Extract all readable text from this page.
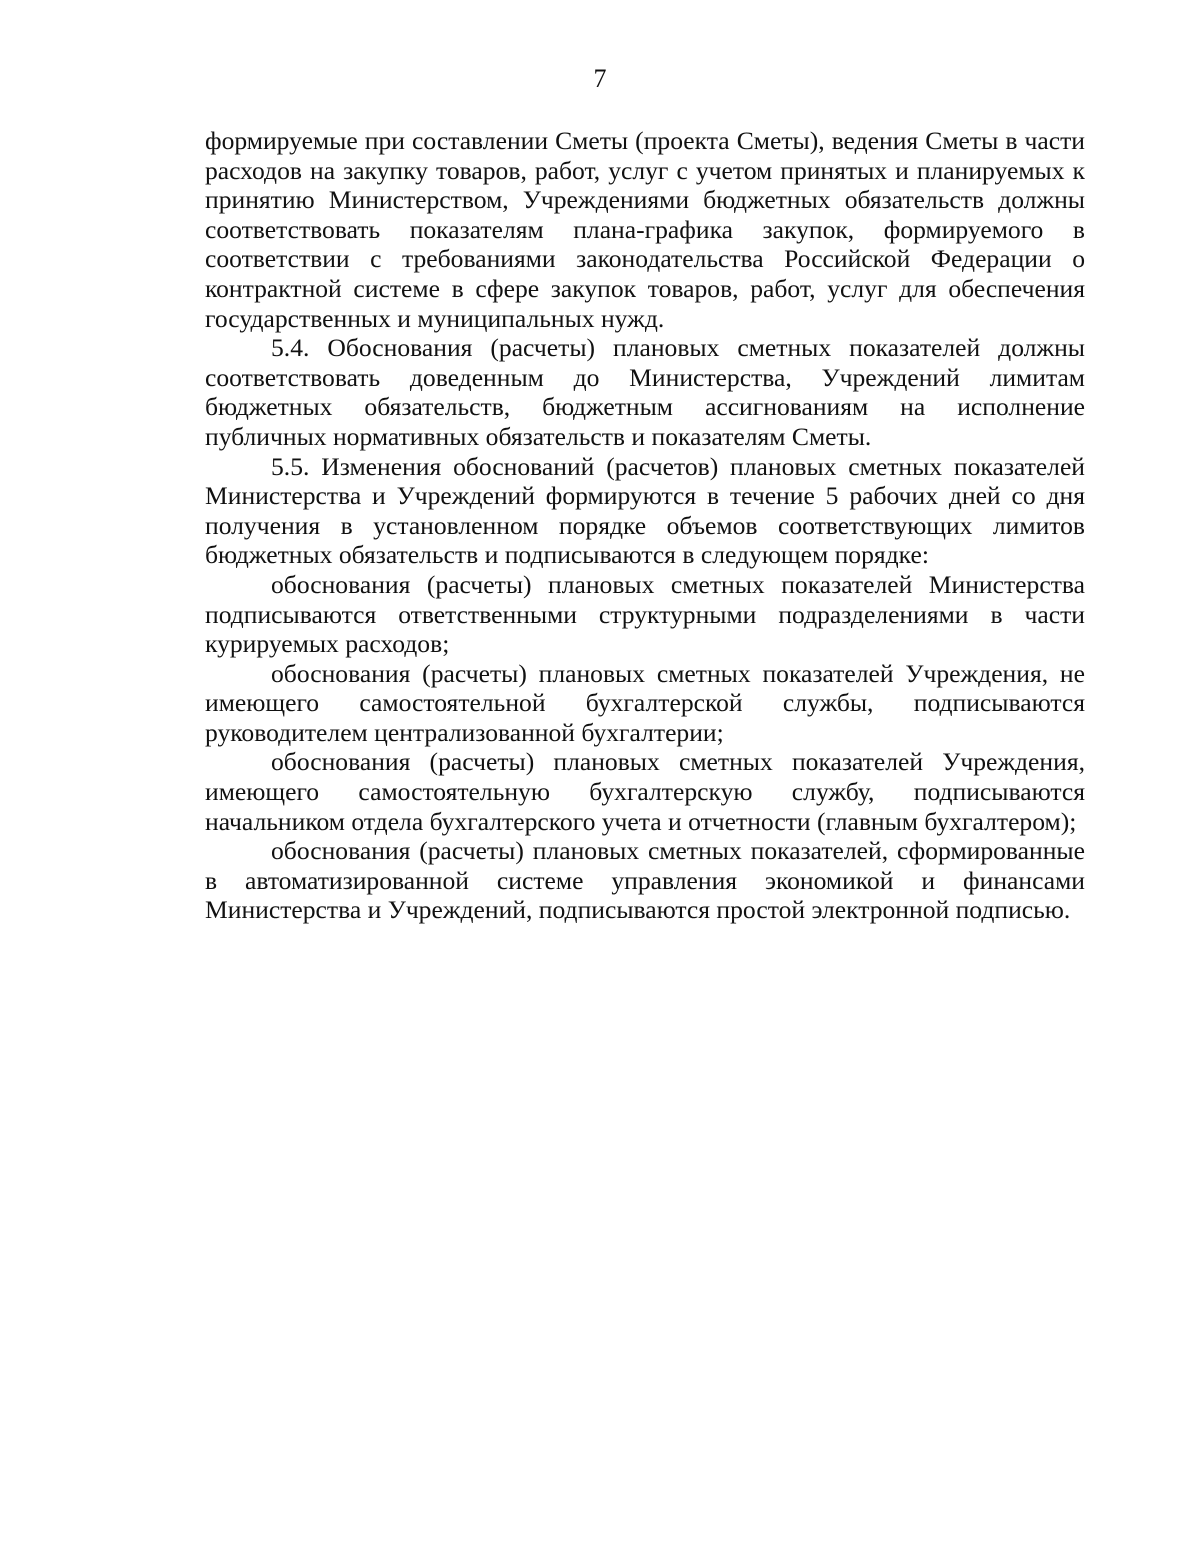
7

формируемые при составлении Сметы (проекта Сметы), ведения Сметы в части расходов на закупку товаров, работ, услуг с учетом принятых и планируемых к принятию Министерством, Учреждениями бюджетных обязательств должны соответствовать показателям плана-графика закупок, формируемого в соответствии с требованиями законодательства Российской Федерации о контрактной системе в сфере закупок товаров, работ, услуг для обеспечения государственных и муниципальных нужд.

5.4. Обоснования (расчеты) плановых сметных показателей должны соответствовать доведенным до Министерства, Учреждений лимитам бюджетных обязательств, бюджетным ассигнованиям на исполнение публичных нормативных обязательств и показателям Сметы.

5.5. Изменения обоснований (расчетов) плановых сметных показателей Министерства и Учреждений формируются в течение 5 рабочих дней со дня получения в установленном порядке объемов соответствующих лимитов бюджетных обязательств и подписываются в следующем порядке:

обоснования (расчеты) плановых сметных показателей Министерства подписываются ответственными структурными подразделениями в части курируемых расходов;

обоснования (расчеты) плановых сметных показателей Учреждения, не имеющего самостоятельной бухгалтерской службы, подписываются руководителем централизованной бухгалтерии;

обоснования (расчеты) плановых сметных показателей Учреждения, имеющего самостоятельную бухгалтерскую службу, подписываются начальником отдела бухгалтерского учета и отчетности (главным бухгалтером);

обоснования (расчеты) плановых сметных показателей, сформированные в автоматизированной системе управления экономикой и финансами Министерства и Учреждений, подписываются простой электронной подписью.
